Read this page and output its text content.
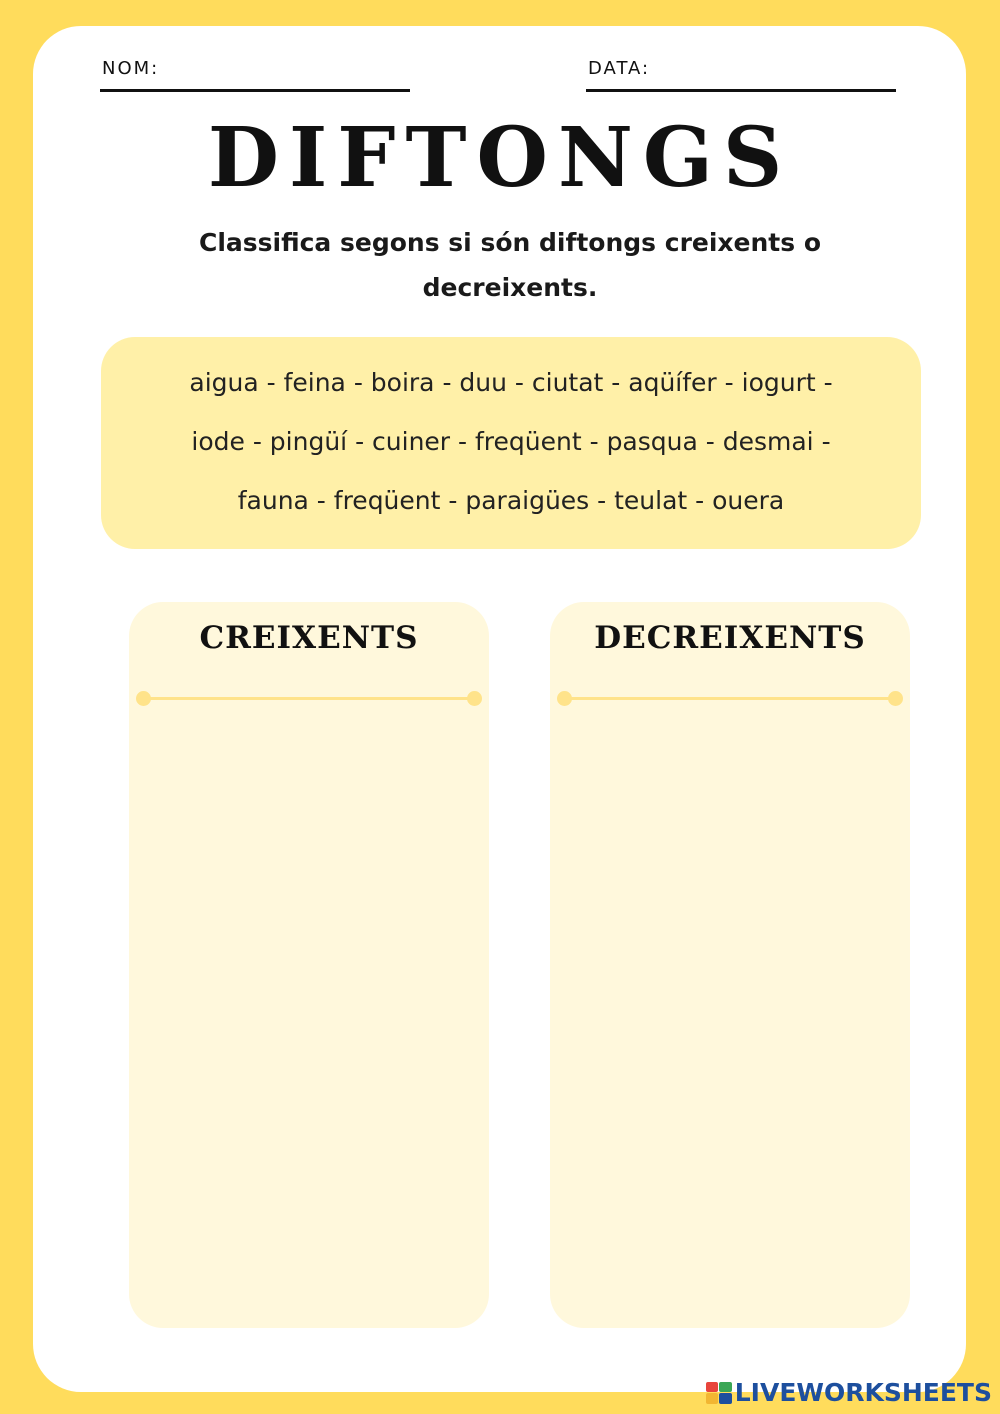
NOM:	DATA:
DIFTONGS
Classifica segons si són diftongs creixents o
decreixents.
aigua - feina - boira - duu - ciutat - aqüífer - iogurt -
iode - pingüí - cuiner - freqüent - pasqua - desmai -
fauna - freqüent - paraigües - teulat - ouera
CREIXENTS	DECREIXENTS
LIVEWORKSHEETS
